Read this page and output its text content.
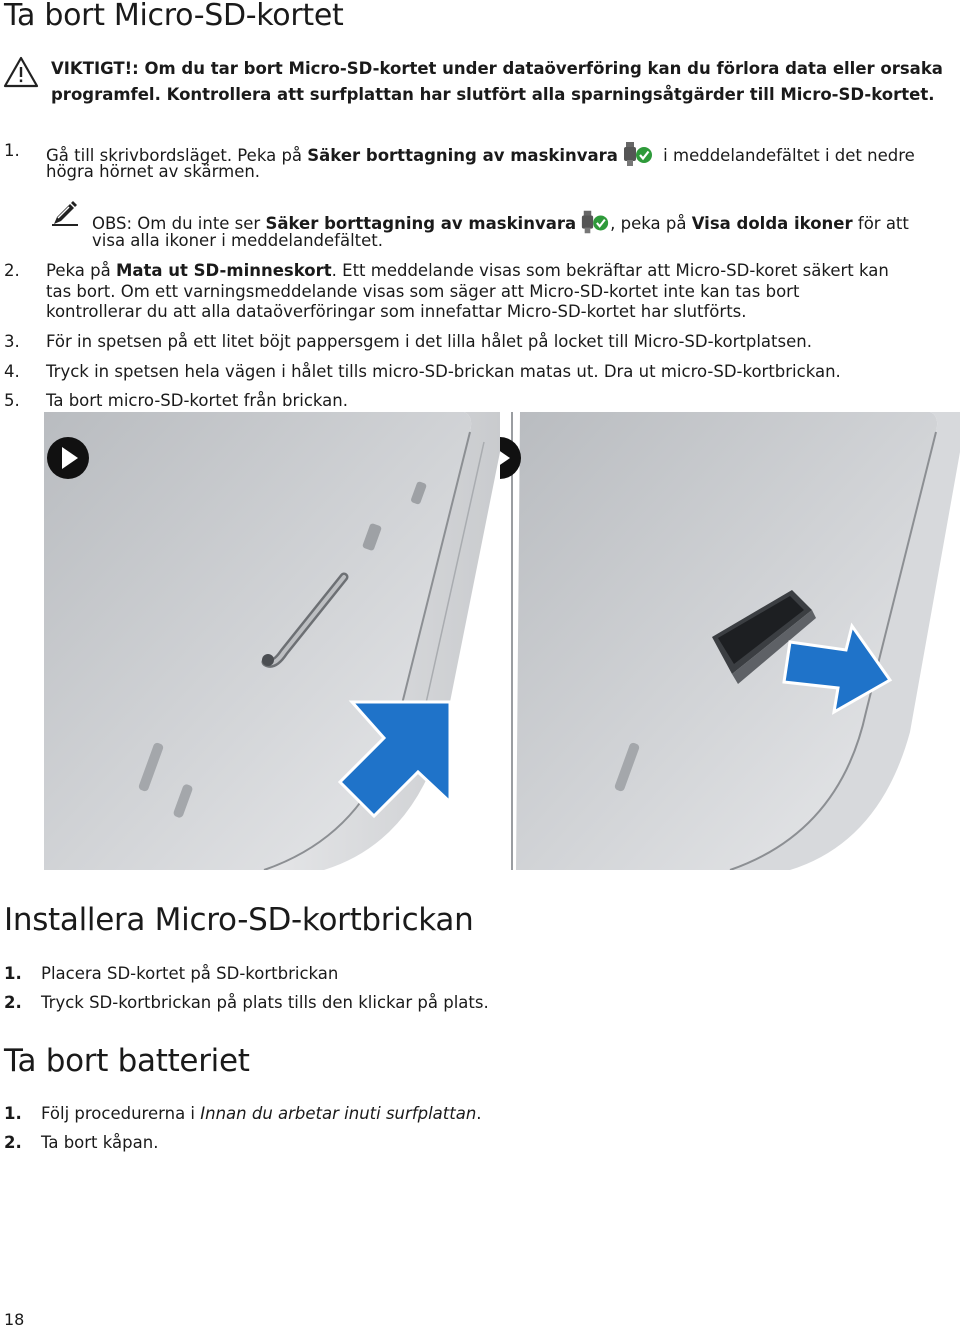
Ta bort Micro-SD-kortet
VIKTIGT!: Om du tar bort Micro-SD-kortet under dataöverföring kan du förlora data eller orsaka
programfel. Kontrollera att surfplattan har slutfört alla sparningsåtgärder till Micro-SD-kortet.
1. Gå till skrivbordsläget. Peka på Säker borttagning av maskinvara i meddelandefältet i det nedre
högra hörnet av skärmen.
OBS: Om du inte ser Säker borttagning av maskinvara , peka på Visa dolda ikoner för att
visa alla ikoner i meddelandefältet.
2. Peka på Mata ut SD-minneskort. Ett meddelande visas som bekräftar att Micro-SD-koret säkert kan
tas bort. Om ett varningsmeddelande visas som säger att Micro-SD-kortet inte kan tas bort
kontrollerar du att alla dataöverföringar som innefattar Micro-SD-kortet har slutförts.
3. För in spetsen på ett litet böjt pappersgem i det lilla hålet på locket till Micro-SD-kortplatsen.
4. Tryck in spetsen hela vägen i hålet tills micro-SD-brickan matas ut. Dra ut micro-SD-kortbrickan.
5. Ta bort micro-SD-kortet från brickan.
Installera Micro-SD-kortbrickan
1. Placera SD-kortet på SD-kortbrickan
2. Tryck SD-kortbrickan på plats tills den klickar på plats.
Ta bort batteriet
1. Följ procedurerna i Innan du arbetar inuti surfplattan.
2. Ta bort kåpan.
18
